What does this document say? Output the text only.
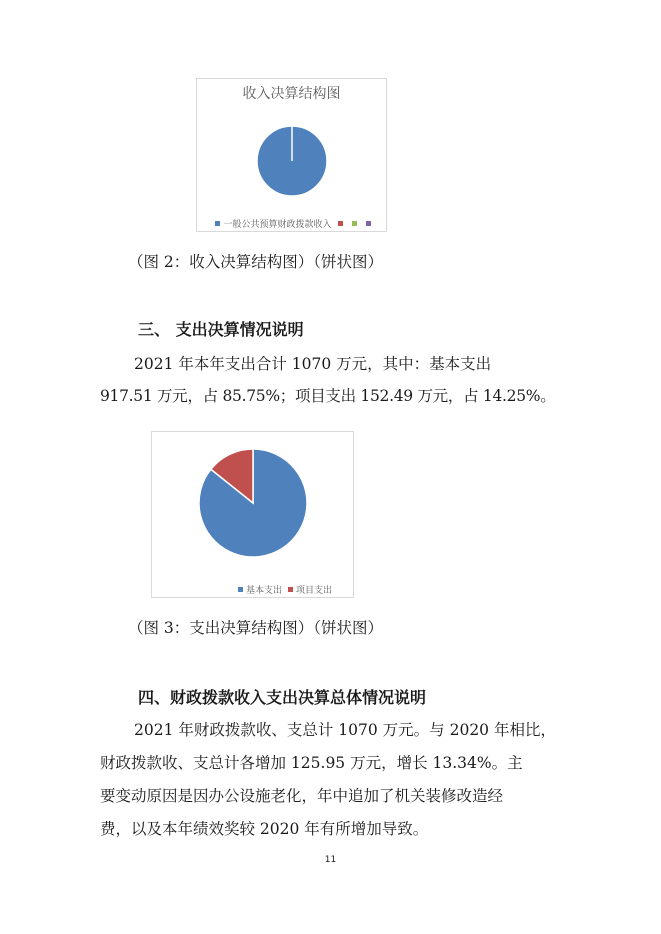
收入决算结构图
一般公共预算财政拨款收入
（图 2：收入决算结构图）（饼状图）
三、 支出决算情况说明
2021 年本年支出合计 1070 万元，其中：基本支出
917.51 万元，占 85.75%；项目支出 152.49 万元，占 14.25%。
基本支出 项目支出
（图 3：支出决算结构图）（饼状图）
四、财政拨款收入支出决算总体情况说明
2021 年财政拨款收、支总计 1070 万元。与 2020 年相比，
财政拨款收、支总计各增加 125.95 万元，增长 13.34%。主
要变动原因是因办公设施老化，年中追加了机关装修改造经
费，以及本年绩效奖较 2020 年有所增加导致。
11
